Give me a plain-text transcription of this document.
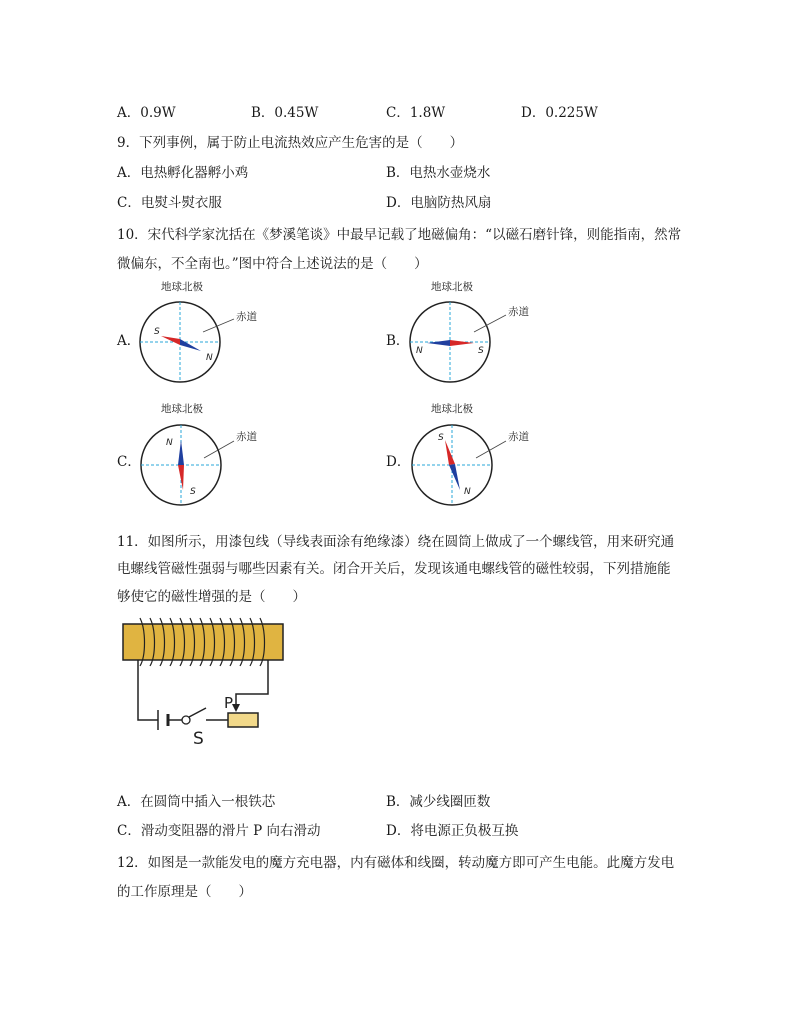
A．0.9W	B．0.45W	C．1.8W	D．0.225W
9．下列事例，属于防止电流热效应产生危害的是（　　）
A．电热孵化器孵小鸡	B．电热水壶烧水
C．电熨斗熨衣服	D．电脑防热风扇
10．宋代科学家沈括在《梦溪笔谈》中最早记载了地磁偏角：“以磁石磨针锋，则能指南，然常
微偏东，不全南也。”图中符合上述说法的是（　　）
A．
地球北极
S
N
赤道
B．
地球北极
N	S
赤道
C．
地球北极
N
S
赤道
D．
地球北极
S
N
赤道
11．如图所示，用漆包线（导线表面涂有绝缘漆）绕在圆筒上做成了一个螺线管，用来研究通
电螺线管磁性强弱与哪些因素有关。闭合开关后，发现该通电螺线管的磁性较弱，下列措施能
够使它的磁性增强的是（　　）
P
S
A．在圆筒中插入一根铁芯	B．减少线圈匝数
C．滑动变阻器的滑片 P 向右滑动	D．将电源正负极互换
12．如图是一款能发电的魔方充电器，内有磁体和线圈，转动魔方即可产生电能。此魔方发电
的工作原理是（　　）
